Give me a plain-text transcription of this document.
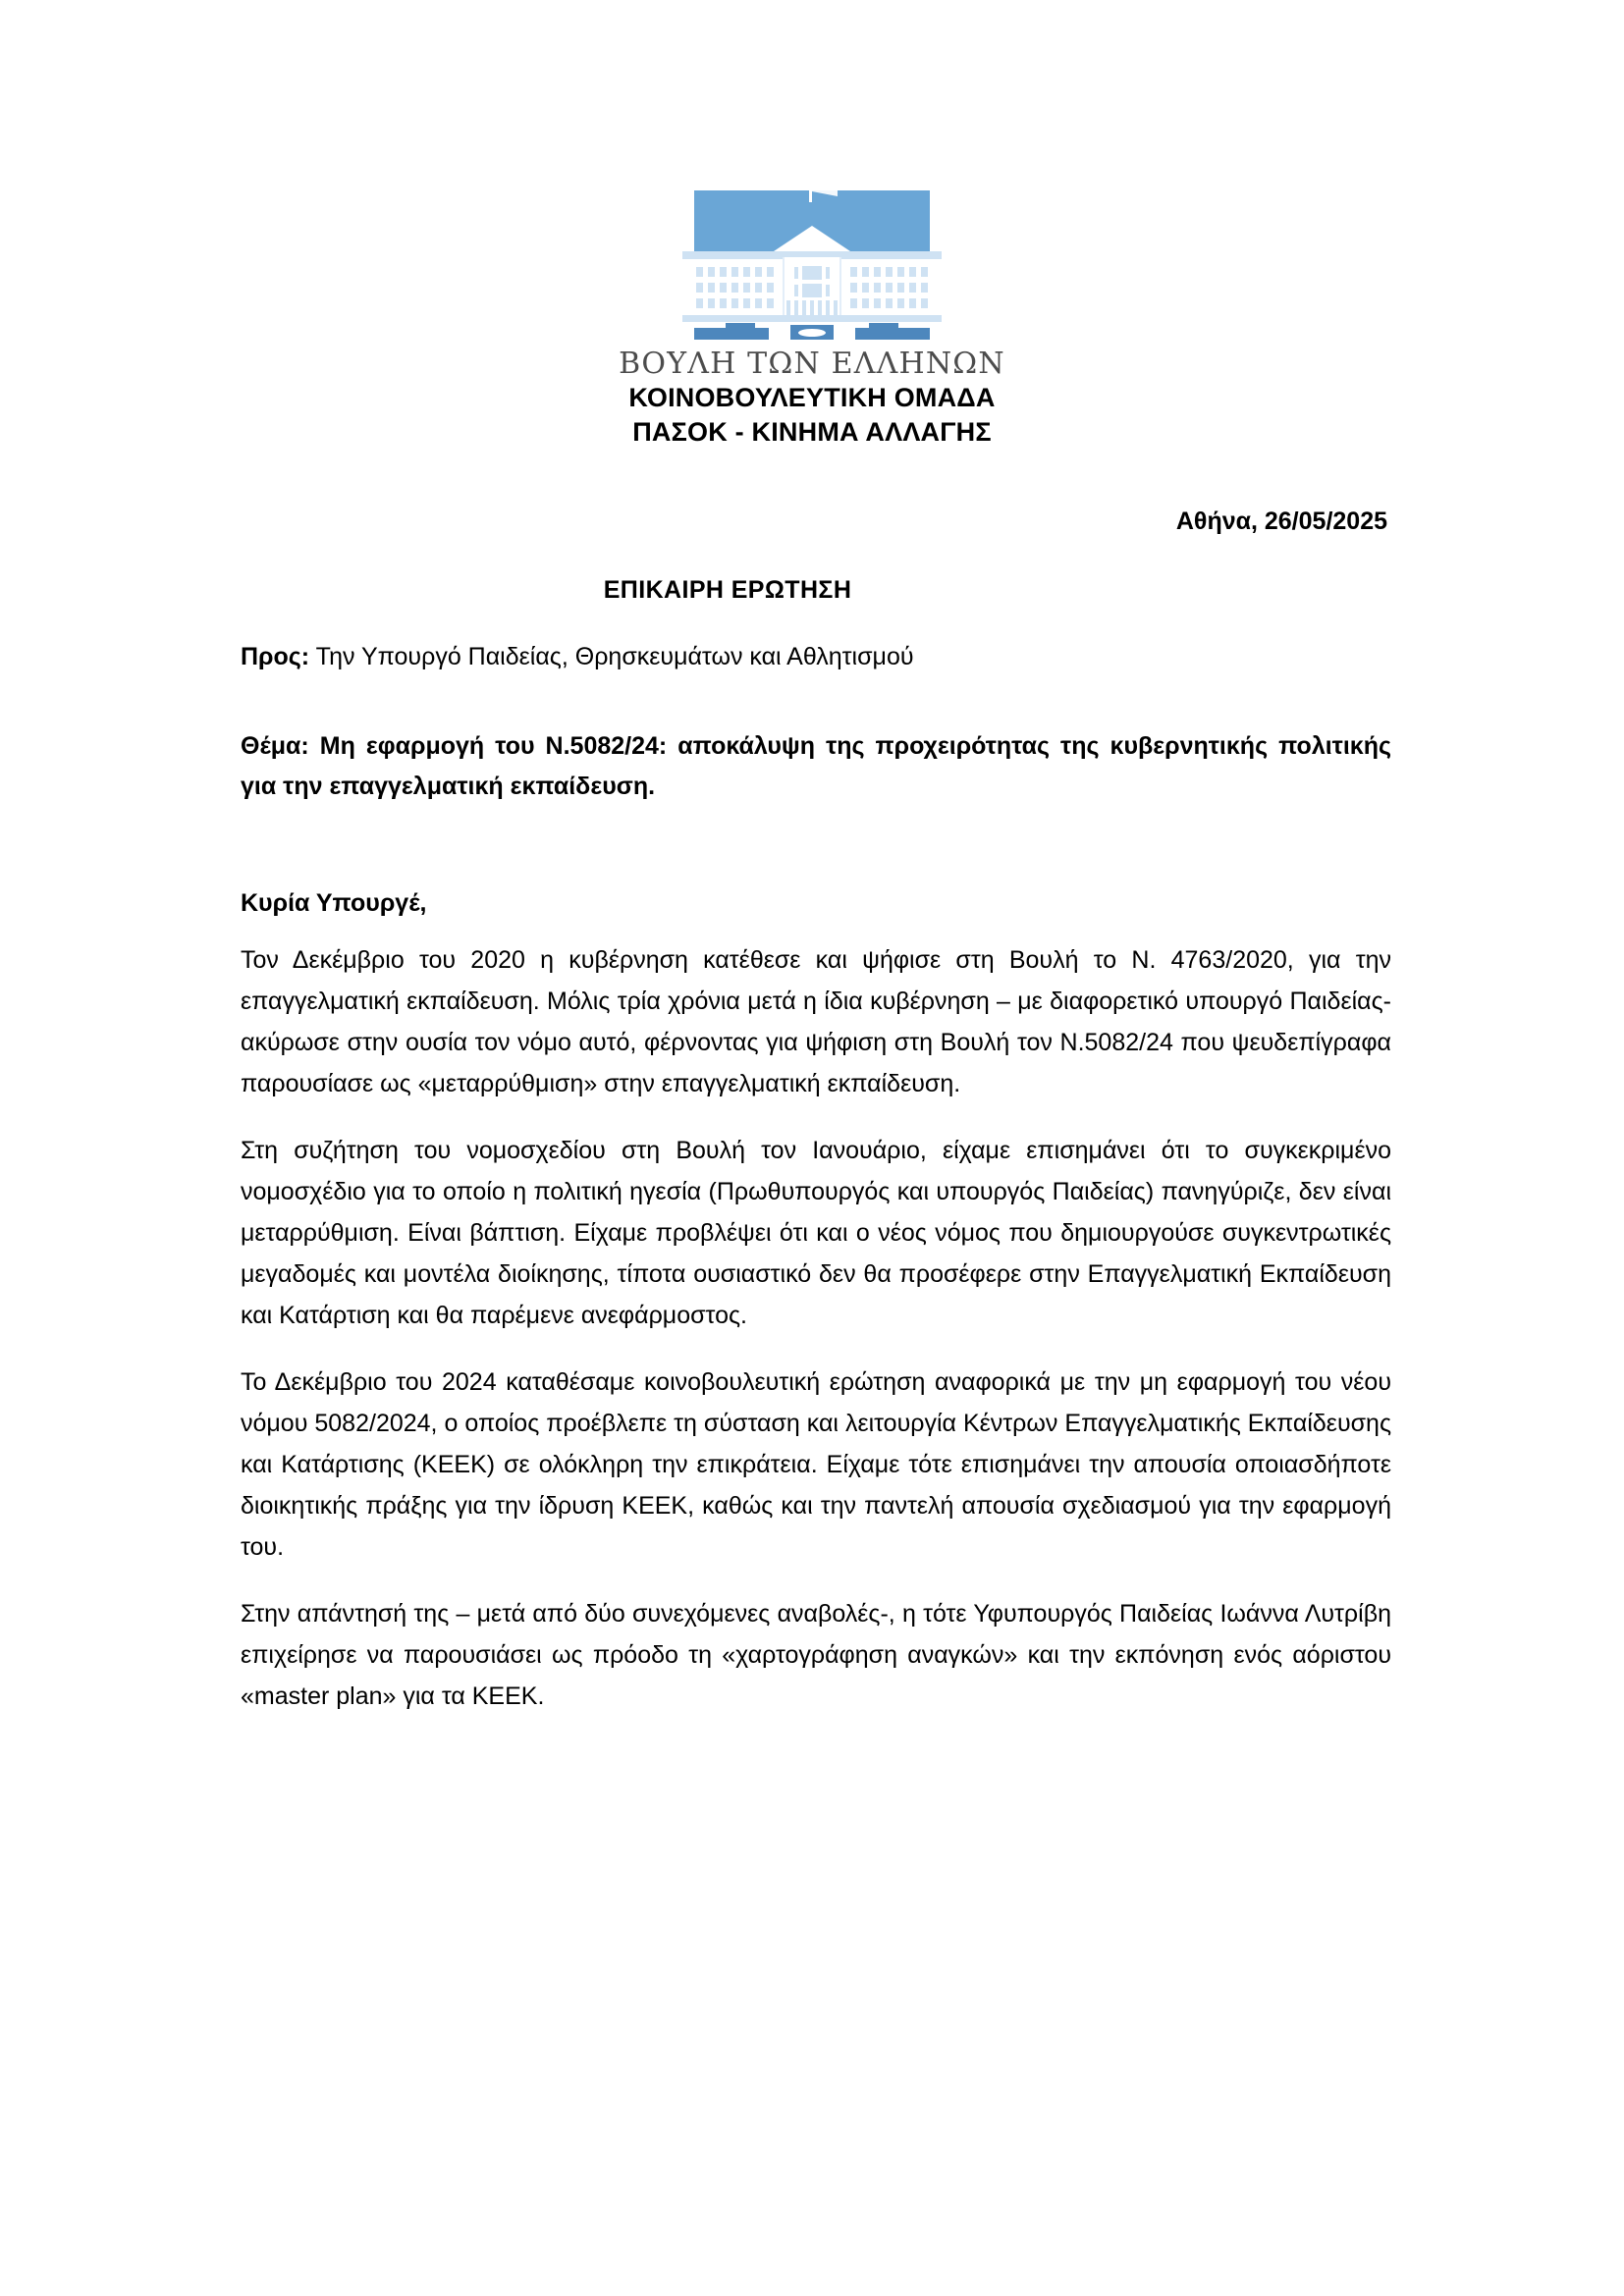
ΒΟΥΛΗ ΤΩΝ ΕΛΛΗΝΩΝ
ΚΟΙΝΟΒΟΥΛΕΥΤΙΚΗ ΟΜΑΔΑ
ΠΑΣΟΚ - ΚΙΝΗΜΑ ΑΛΛΑΓΗΣ
Αθήνα, 26/05/2025
ΕΠΙΚΑΙΡΗ ΕΡΩΤΗΣΗ
Προς: Την Υπουργό Παιδείας, Θρησκευμάτων και Αθλητισμού
Θέμα: Μη εφαρμογή του Ν.5082/24: αποκάλυψη της προχειρότητας της κυβερνητικής πολιτικής για την επαγγελματική εκπαίδευση.
Κυρία Υπουργέ,

Τον Δεκέμβριο του 2020 η κυβέρνηση κατέθεσε και ψήφισε στη Βουλή το Ν. 4763/2020, για την επαγγελματική εκπαίδευση. Μόλις τρία χρόνια μετά η ίδια κυβέρνηση – με διαφορετικό υπουργό Παιδείας- ακύρωσε στην ουσία τον νόμο αυτό, φέρνοντας για ψήφιση στη Βουλή τον Ν.5082/24 που ψευδεπίγραφα παρουσίασε ως «μεταρρύθμιση» στην επαγγελματική εκπαίδευση.

Στη συζήτηση του νομοσχεδίου στη Βουλή τον Ιανουάριο, είχαμε επισημάνει ότι το συγκεκριμένο νομοσχέδιο για το οποίο η πολιτική ηγεσία (Πρωθυπουργός και υπουργός Παιδείας) πανηγύριζε, δεν είναι μεταρρύθμιση. Είναι βάπτιση. Είχαμε προβλέψει ότι και ο νέος νόμος που δημιουργούσε συγκεντρωτικές μεγαδομές και μοντέλα διοίκησης, τίποτα ουσιαστικό δεν θα προσέφερε στην Επαγγελματική Εκπαίδευση και Κατάρτιση και θα παρέμενε ανεφάρμοστος.

Το Δεκέμβριο του 2024 καταθέσαμε κοινοβουλευτική ερώτηση αναφορικά με την μη εφαρμογή του νέου νόμου 5082/2024, ο οποίος προέβλεπε τη σύσταση και λειτουργία Κέντρων Επαγγελματικής Εκπαίδευσης και Κατάρτισης (ΚΕΕΚ) σε ολόκληρη την επικράτεια. Είχαμε τότε επισημάνει την απουσία οποιασδήποτε διοικητικής πράξης για την ίδρυση ΚΕΕΚ, καθώς και την παντελή απουσία σχεδιασμού για την εφαρμογή του.

Στην απάντησή της – μετά από δύο συνεχόμενες αναβολές-, η τότε Υφυπουργός Παιδείας Ιωάννα Λυτρίβη επιχείρησε να παρουσιάσει ως πρόοδο τη «χαρτογράφηση αναγκών» και την εκπόνηση ενός αόριστου «master plan» για τα ΚΕΕΚ.
